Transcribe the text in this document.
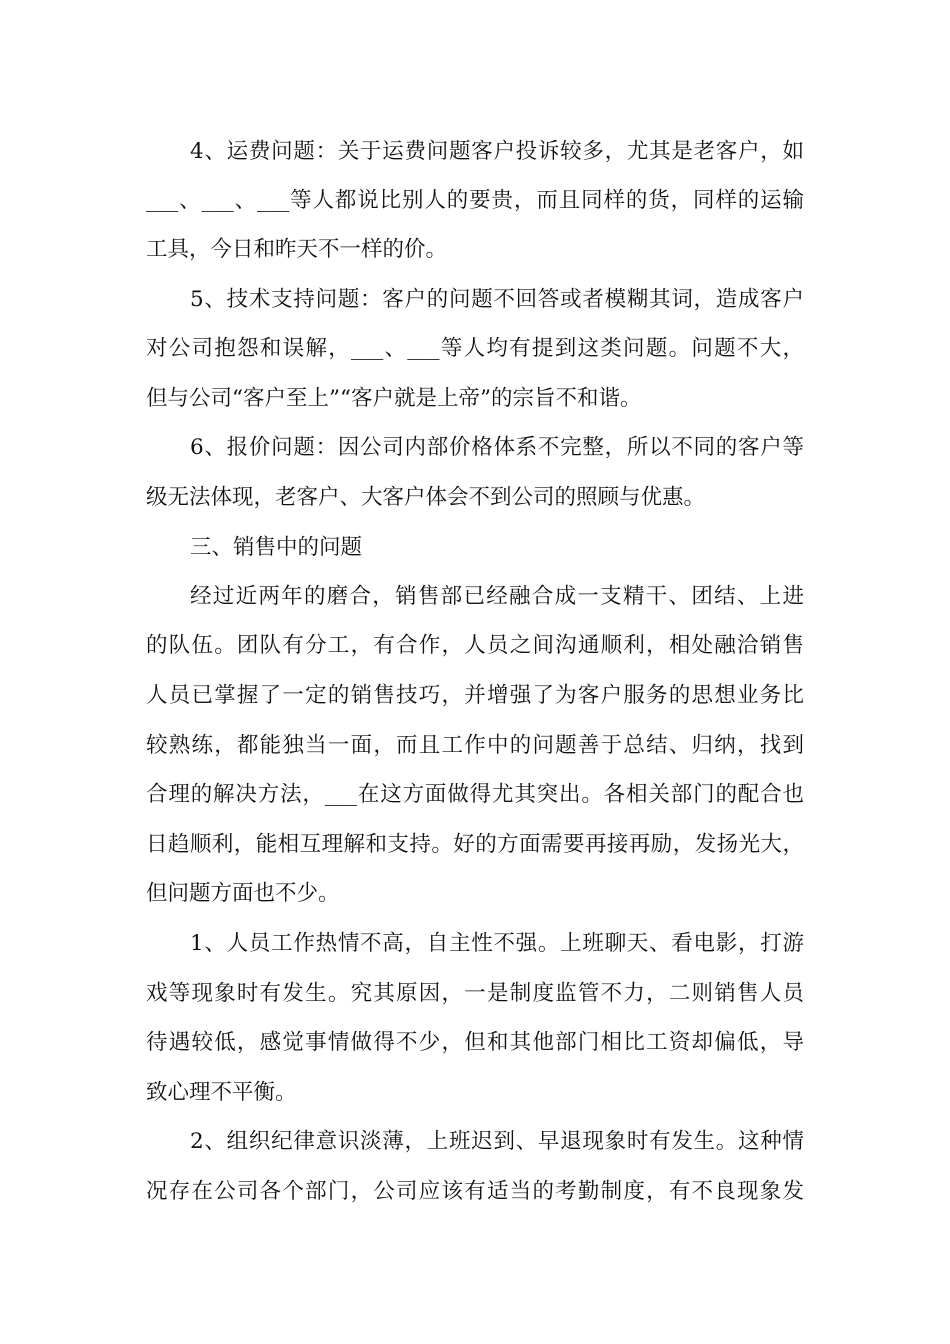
4、运费问题：关于运费问题客户投诉较多，尤其是老客户，如
___、___、___等人都说比别人的要贵，而且同样的货，同样的运输
工具，今日和昨天不一样的价。
5、技术支持问题：客户的问题不回答或者模糊其词，造成客户
对公司抱怨和误解，___、___等人均有提到这类问题。问题不大，
但与公司“客户至上”“客户就是上帝”的宗旨不和谐。
6、报价问题：因公司内部价格体系不完整，所以不同的客户等
级无法体现，老客户、大客户体会不到公司的照顾与优惠。
三、销售中的问题
经过近两年的磨合，销售部已经融合成一支精干、团结、上进
的队伍。团队有分工，有合作，人员之间沟通顺利，相处融洽销售
人员已掌握了一定的销售技巧，并增强了为客户服务的思想业务比
较熟练，都能独当一面，而且工作中的问题善于总结、归纳，找到
合理的解决方法，___在这方面做得尤其突出。各相关部门的配合也
日趋顺利，能相互理解和支持。好的方面需要再接再励，发扬光大，
但问题方面也不少。
1、人员工作热情不高，自主性不强。上班聊天、看电影，打游
戏等现象时有发生。究其原因，一是制度监管不力，二则销售人员
待遇较低，感觉事情做得不少，但和其他部门相比工资却偏低，导
致心理不平衡。
2、组织纪律意识淡薄，上班迟到、早退现象时有发生。这种情
况存在公司各个部门，公司应该有适当的考勤制度，有不良现象发
